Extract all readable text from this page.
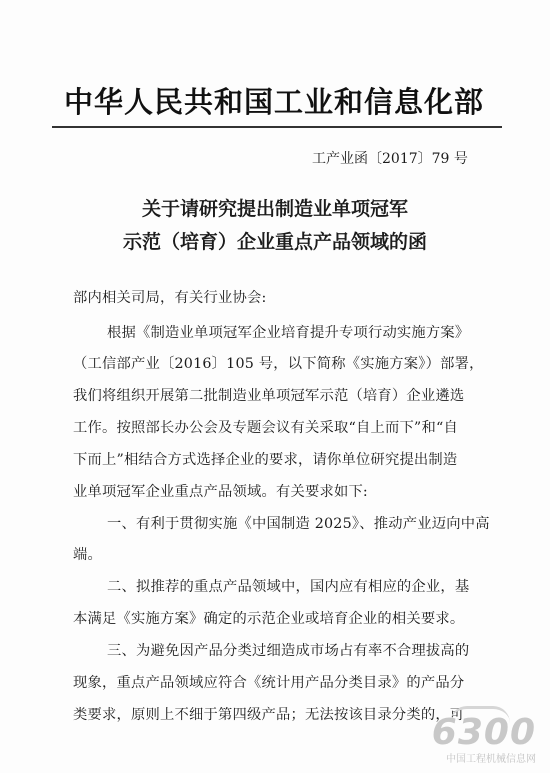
中华人民共和国工业和信息化部
工产业函〔2017〕79 号
关于请研究提出制造业单项冠军
示范（培育）企业重点产品领域的函
部内相关司局，有关行业协会:
根据《制造业单项冠军企业培育提升专项行动实施方案》
（工信部产业〔2016〕105 号，以下简称《实施方案》）部署，
我们将组织开展第二批制造业单项冠军示范（培育）企业遴选
工作。按照部长办公会及专题会议有关采取“自上而下”和“自
下而上”相结合方式选择企业的要求，请你单位研究提出制造
业单项冠军企业重点产品领域。有关要求如下:
一、有利于贯彻实施《中国制造 2025》、推动产业迈向中高
端。
二、拟推荐的重点产品领域中，国内应有相应的企业，基
本满足《实施方案》确定的示范企业或培育企业的相关要求。
三、为避免因产品分类过细造成市场占有率不合理拔高的
现象，重点产品领域应符合《统计用产品分类目录》的产品分
类要求，原则上不细于第四级产品；无法按该目录分类的，可
6300
中国工程机械信息网
